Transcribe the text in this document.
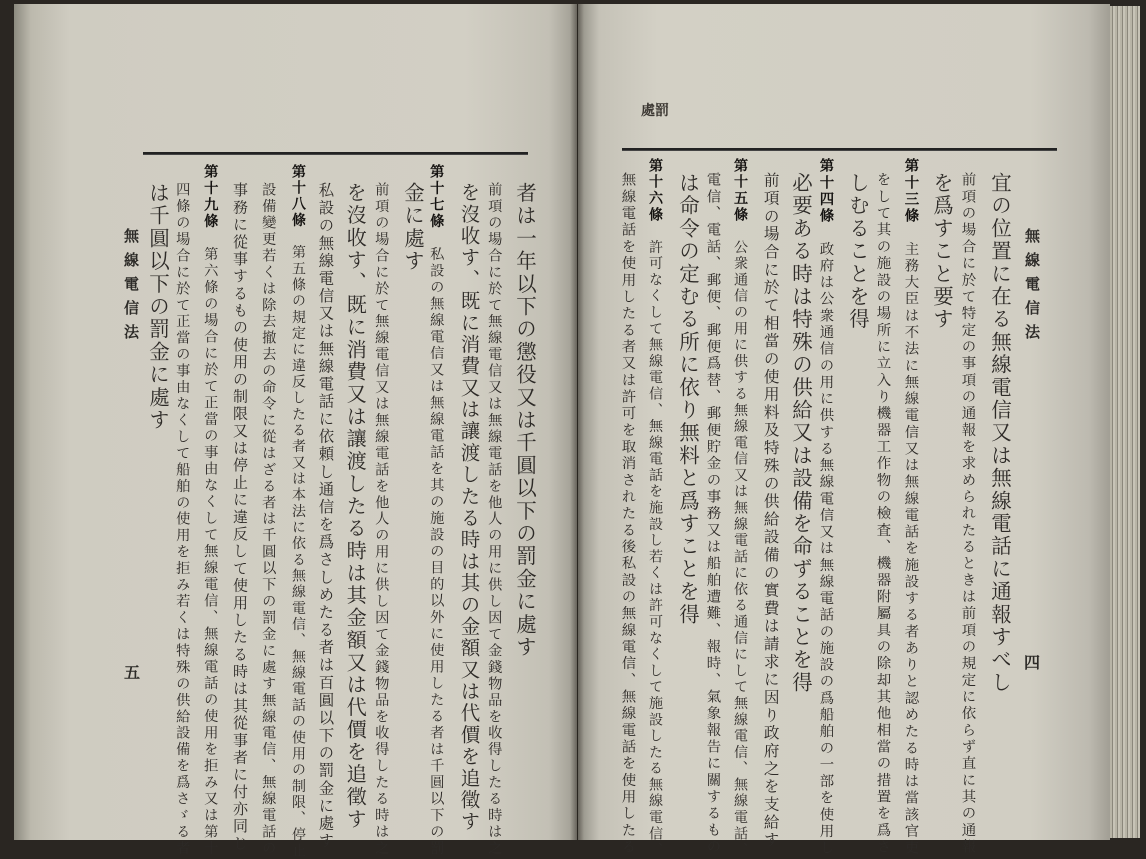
無線電信法
五
無線電信法
四
處罰
者は一年以下の懲役又は千圓以下の罰金に處す
前項の場合に於て無線電信又は無線電話を他人の用に供し因て金錢物品を收得したる時は之
を沒收す、既に消費又は讓渡したる時は其の金額又は代價を追徵す
第十七條　私設の無線電信又は無線電話を其の施設の目的以外に使用したる者は千圓以下の罰
金に處す
前項の場合に於て無線電信又は無線電話を他人の用に供し因て金錢物品を收得したる時は之
を沒收す、既に消費又は讓渡したる時は其金額又は代價を追徵す
私設の無線電信又は無線電話に依頼し通信を爲さしめたる者は百圓以下の罰金に處す
第十八條　第五條の規定に違反したる者又は本法に依る無線電信、無線電話の使用の制限、停止
設備變更若くは除去撤去の命令に從はざる者は千圓以下の罰金に處す無線電信、無線電話の
事務に從事するもの使用の制限又は停止に違反して使用したる時は其從事者に付亦同じ
第十九條　第六條の場合に於て正當の事由なくして無線電信、無線電話の使用を拒み又は第十
四條の場合に於て正當の事由なくして船舶の使用を拒み若くは特殊の供給設備を爲さゞる者
は千圓以下の罰金に處す	宜の位置に在る無線電信又は無線電話に通報すべし
前項の場合に於て特定の事項の通報を求められたるときは前項の規定に依らず直に其の通報
を爲すこと要す
第十三條　主務大臣は不法に無線電信又は無線電話を施設する者ありと認めたる時は當該官吏
をして其の施設の場所に立入り機器工作物の檢査、機器附屬具の除却其他相當の措置を爲さ
しむることを得
第十四條　政府は公衆通信の用に供する無線電信又は無線電話の施設の爲船舶の一部を使用し
必要ある時は特殊の供給又は設備を命ずることを得
前項の場合に於て相當の使用料及特殊の供給設備の實費は請求に因り政府之を支給す
第十五條　公衆通信の用に供する無線電信又は無線電話に依る通信にして無線電信、無線電話、
電信、電話、郵便、郵便爲替、郵便貯金の事務又は船舶遭難、報時、氣象報告に關するもの
は命令の定むる所に依り無料と爲すことを得
第十六條　許可なくして無線電信、無線電話を施設し若くは許可なくして施設したる無線電信、
無線電話を使用したる者又は許可を取消されたる後私設の無線電信、無線電話を使用したる
